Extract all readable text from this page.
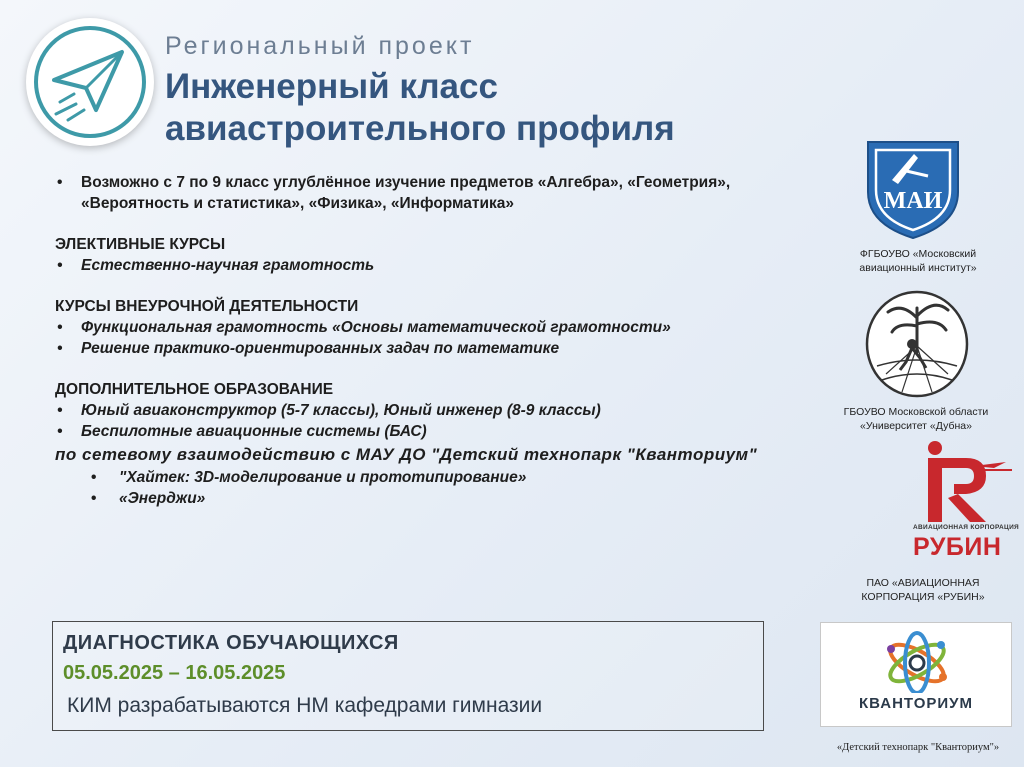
Региональный проект
Инженерный класс авиастроительного профиля

• Возможно с 7 по 9 класс углублённое изучение предметов «Алгебра», «Геометрия», «Вероятность и статистика», «Физика», «Информатика»

ЭЛЕКТИВНЫЕ КУРСЫ

• Естественно-научная грамотность

КУРСЫ ВНЕУРОЧНОЙ ДЕЯТЕЛЬНОСТИ

• Функциональная грамотность «Основы математической грамотности»

• Решение практико-ориентированных задач по математике

ДОПОЛНИТЕЛЬНОЕ ОБРАЗОВАНИЕ

• Юный авиаконструктор (5-7 классы), Юный инженер (8-9 классы)

• Беспилотные авиационные системы (БАС)

по сетевому взаимодействию с МАУ ДО "Детский технопарк "Кванториум"

• "Хайтек: 3D-моделирование и прототипирование»

• «Энерджи»

ДИАГНОСТИКА ОБУЧАЮЩИХСЯ
05.05.2025 – 16.05.2025
КИМ разрабатываются НМ кафедрами гимназии
МАИ
ФГБОУВО «Московский авиационный институт»
ГБОУВО Московской области «Университет «Дубна»
АВИАЦИОННАЯ КОРПОРАЦИЯ
РУБИН
ПАО «АВИАЦИОННАЯ КОРПОРАЦИЯ «РУБИН»
КВАНТОРИУМ
«Детский технопарк "Кванториум"»
